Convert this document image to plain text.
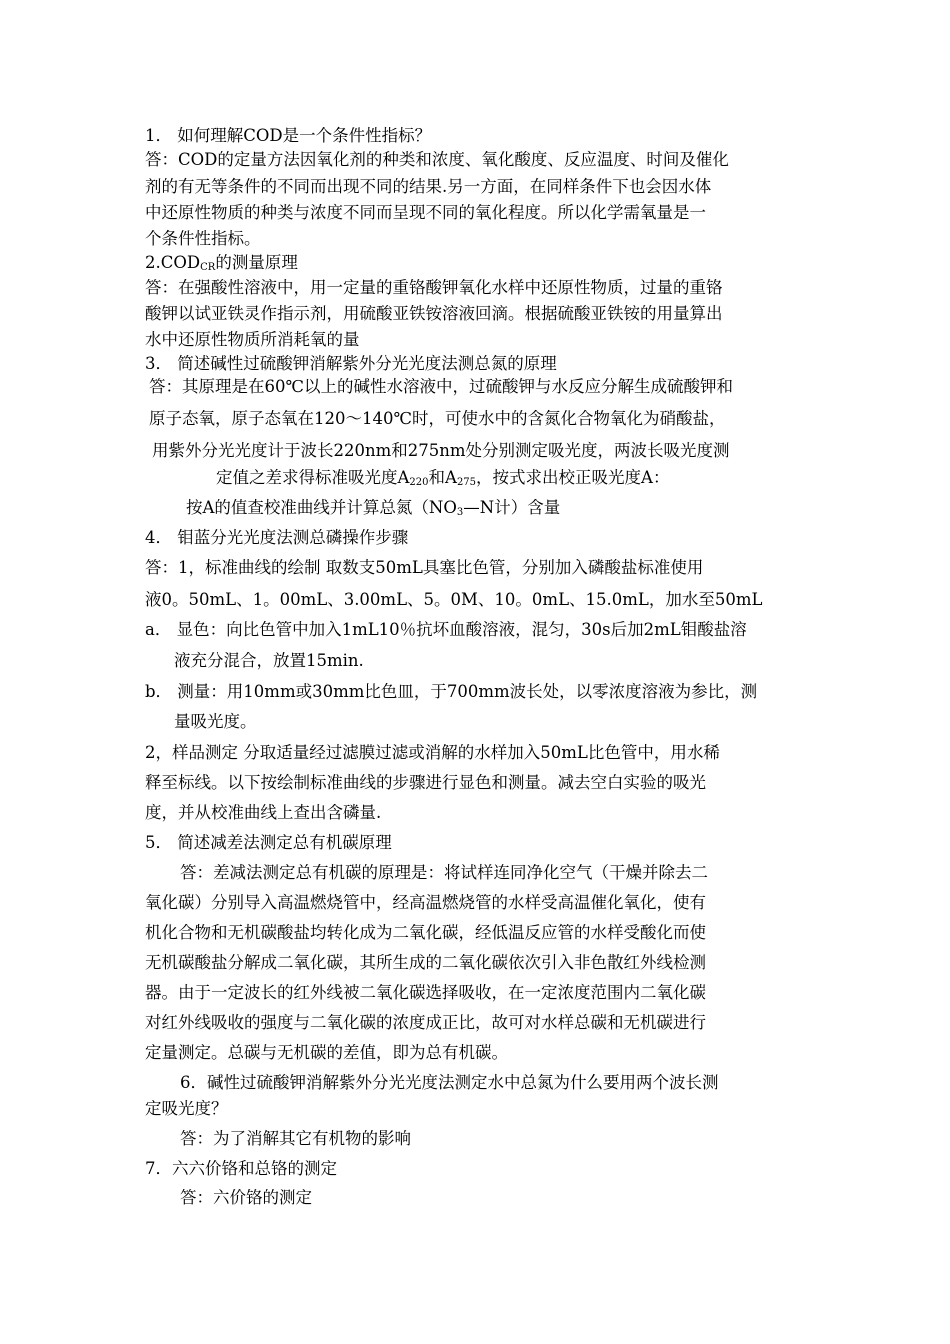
1． 如何理解COD是一个条件性指标？
答：COD的定量方法因氧化剂的种类和浓度、氧化酸度、反应温度、时间及催化
剂的有无等条件的不同而出现不同的结果.另一方面，在同样条件下也会因水体
中还原性物质的种类与浓度不同而呈现不同的氧化程度。所以化学需氧量是一
个条件性指标。
$2.COD_{CR}$的测量原理
答：在强酸性溶液中，用一定量的重铬酸钾氧化水样中还原性物质，过量的重铬
酸钾以试亚铁灵作指示剂，用硫酸亚铁铵溶液回滴。根据硫酸亚铁铵的用量算出
水中还原性物质所消耗氧的量
3． 简述碱性过硫酸钾消解紫外分光光度法测总氮的原理
答：其原理是在60℃以上的碱性水溶液中，过硫酸钾与水反应分解生成硫酸钾和
原子态氧，原子态氧在120～140℃时，可使水中的含氮化合物氧化为硝酸盐，
用紫外分光光度计于波长220nm和275nm处分别测定吸光度，两波长吸光度测
定值之差求得标准吸光度$A_{220}$和$A_{275}$，按式求出校正吸光度A：
按A的值查校准曲线并计算总氮（$NO_3—N$计）含量
4． 钼蓝分光光度法测总磷操作步骤
答：1，标准曲线的绘制 取数支50mL具塞比色管，分别加入磷酸盐标准使用
液0。50mL、1。00mL、3.00mL、5。0M、10。0mL、15.0mL，加水至50mL
a． 显色：向比色管中加入1mL10％抗坏血酸溶液，混匀，30s后加2mL钼酸盐溶
液充分混合，放置15min.
b． 测量：用10mm或30mm比色皿，于700mm波长处，以零浓度溶液为参比，测
量吸光度。
2，样品测定 分取适量经过滤膜过滤或消解的水样加入50mL比色管中，用水稀
释至标线。以下按绘制标准曲线的步骤进行显色和测量。减去空白实验的吸光
度，并从校准曲线上查出含磷量.
5． 简述减差法测定总有机碳原理
答：差减法测定总有机碳的原理是：将试样连同净化空气（干燥并除去二
氧化碳）分别导入高温燃烧管中，经高温燃烧管的水样受高温催化氧化，使有
机化合物和无机碳酸盐均转化成为二氧化碳，经低温反应管的水样受酸化而使
无机碳酸盐分解成二氧化碳，其所生成的二氧化碳依次引入非色散红外线检测
器。由于一定波长的红外线被二氧化碳选择吸收，在一定浓度范围内二氧化碳
对红外线吸收的强度与二氧化碳的浓度成正比，故可对水样总碳和无机碳进行
定量测定。总碳与无机碳的差值，即为总有机碳。
6．碱性过硫酸钾消解紫外分光光度法测定水中总氮为什么要用两个波长测
定吸光度？
答：为了消解其它有机物的影响
7．六六价铬和总铬的测定
答：六价铬的测定
